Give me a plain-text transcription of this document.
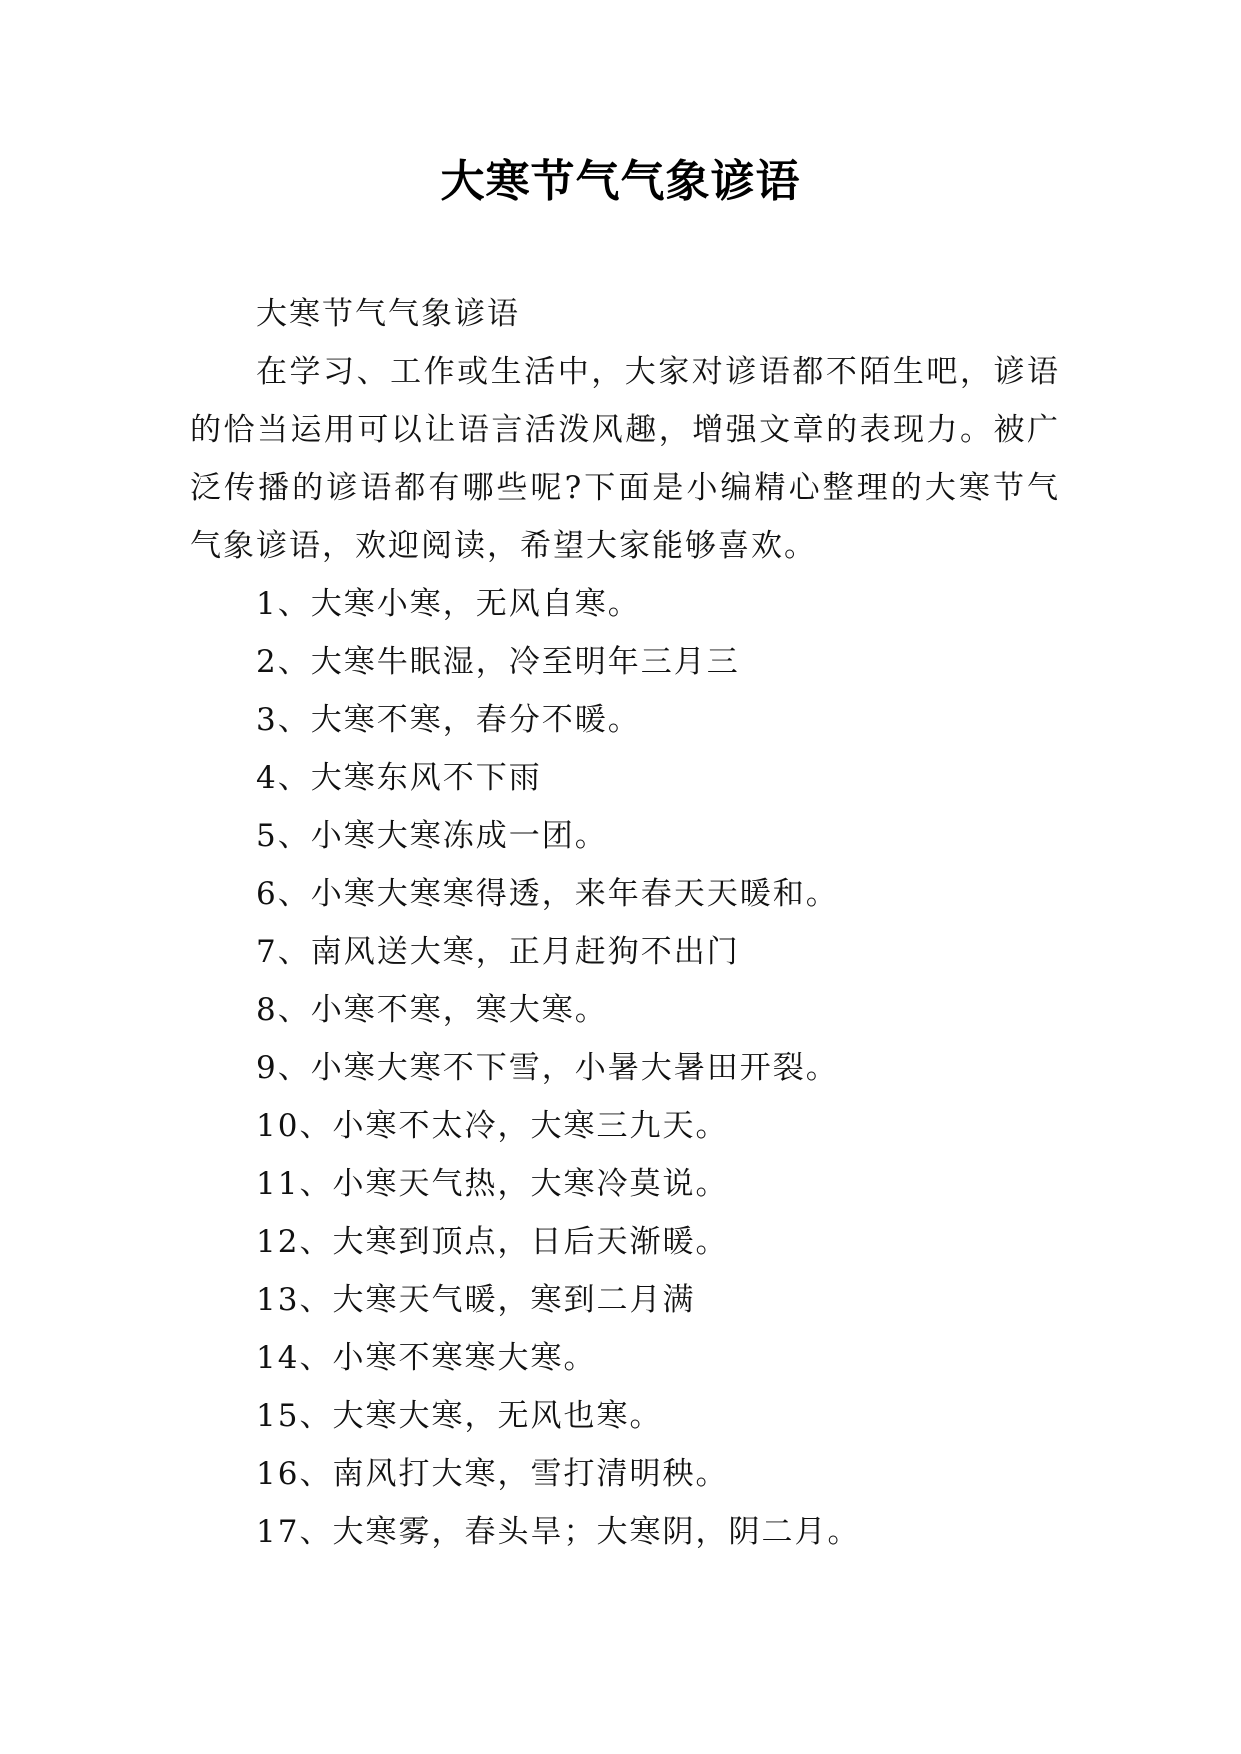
大寒节气气象谚语

大寒节气气象谚语

在学习、工作或生活中，大家对谚语都不陌生吧，谚语的恰当运用可以让语言活泼风趣，增强文章的表现力。被广泛传播的谚语都有哪些呢?下面是小编精心整理的大寒节气气象谚语，欢迎阅读，希望大家能够喜欢。

1、大寒小寒，无风自寒。
2、大寒牛眠湿，冷至明年三月三
3、大寒不寒，春分不暖。
4、大寒东风不下雨
5、小寒大寒冻成一团。
6、小寒大寒寒得透，来年春天天暖和。
7、南风送大寒，正月赶狗不出门
8、小寒不寒，寒大寒。
9、小寒大寒不下雪，小暑大暑田开裂。
10、小寒不太冷，大寒三九天。
11、小寒天气热，大寒冷莫说。
12、大寒到顶点，日后天渐暖。
13、大寒天气暖，寒到二月满
14、小寒不寒寒大寒。
15、大寒大寒，无风也寒。
16、南风打大寒，雪打清明秧。
17、大寒雾，春头旱；大寒阴，阴二月。
